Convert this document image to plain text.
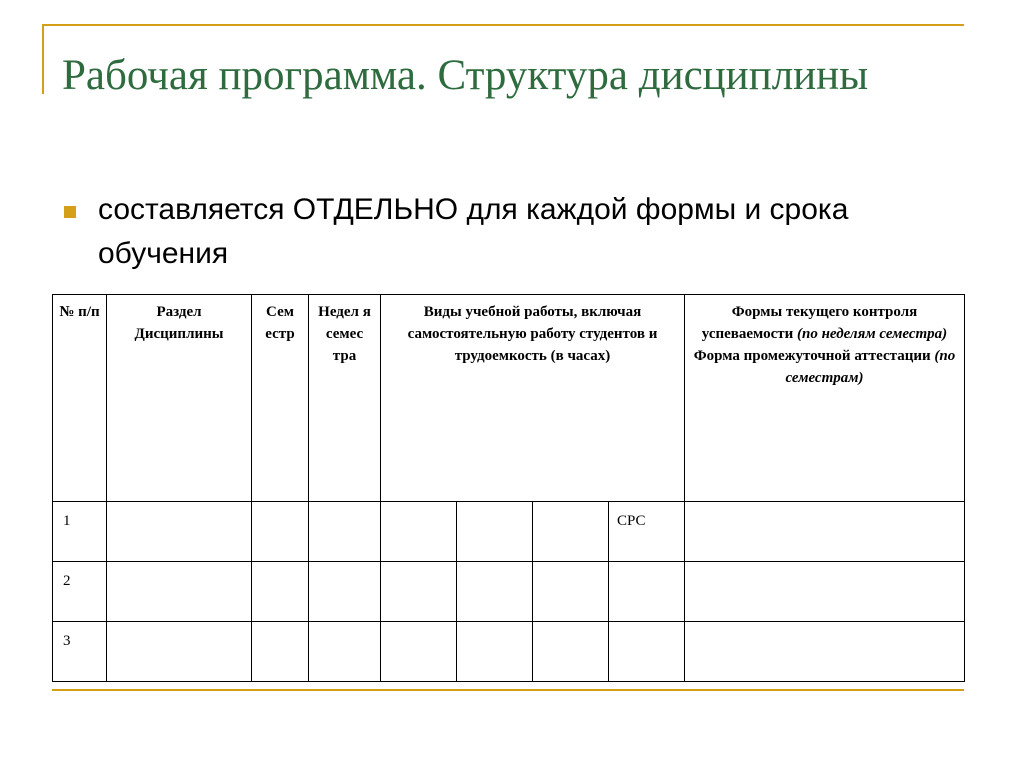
Рабочая программа. Структура дисциплины
составляется ОТДЕЛЬНО для каждой формы и срока обучения
№ п/п	Раздел Дисциплины	Сем естр	Недел я семес тра	Виды учебной работы, включая самостоятельную работу студентов и трудоемкость (в часах)				Формы текущего контроля успеваемости (по неделям семестра)
Форма промежуточной аттестации (по семестрам)
1							СРС	
2								
3								
